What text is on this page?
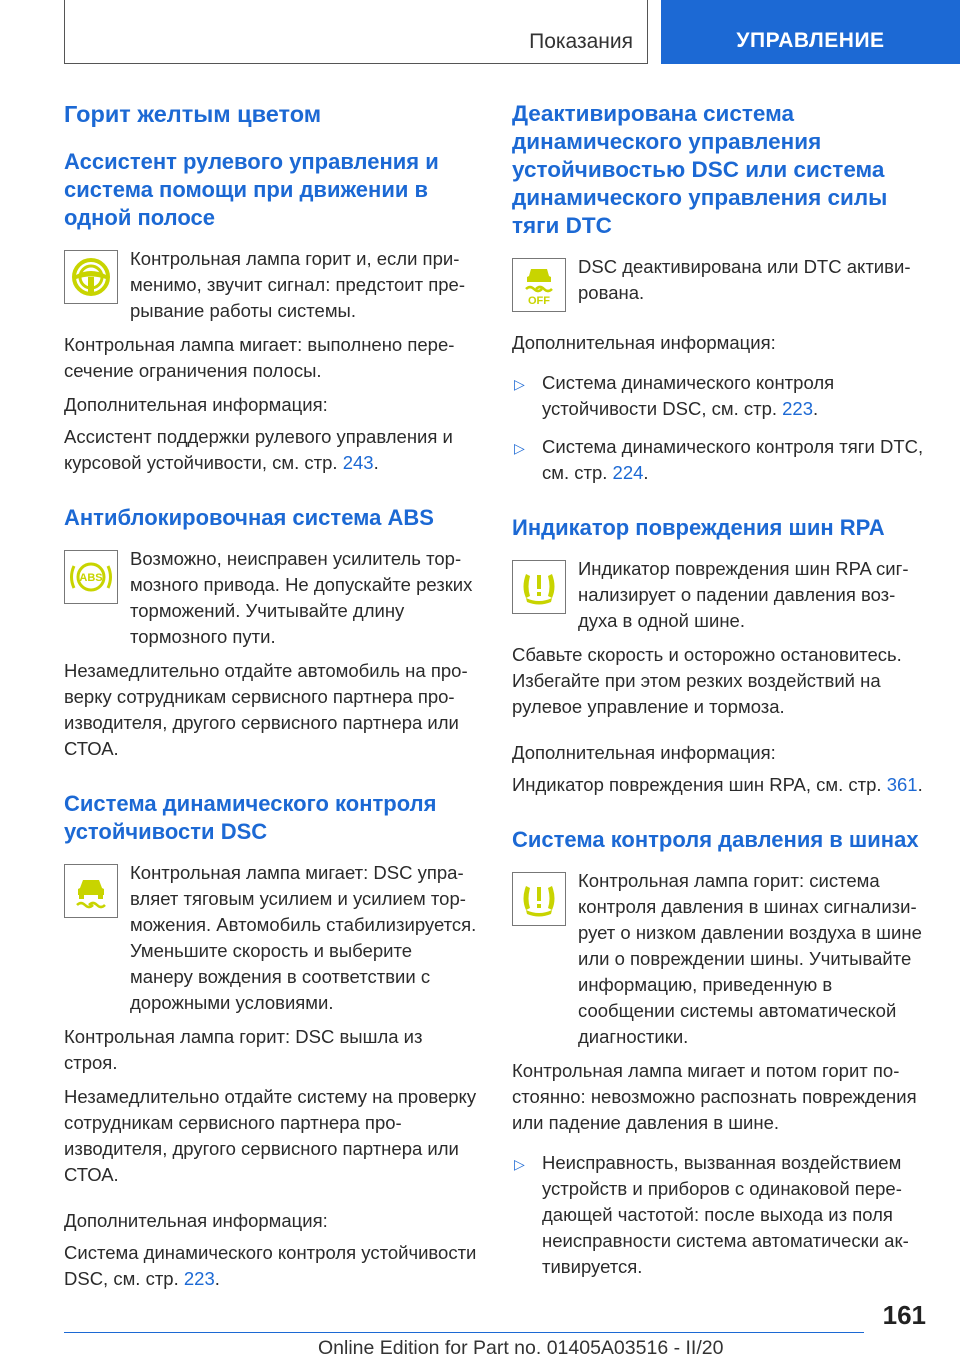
Показания	УПРАВЛЕНИЕ
Горит желтым цветом
Ассистент рулевого управления и система помощи при движении в одной полосе

Контрольная лампа горит и, если применимо, звучит сигнал: предстоит прерывание работы системы.

Контрольная лампа мигает: выполнено пересечение ограничения полосы.

Дополнительная информация:

Ассистент поддержки рулевого управления и курсовой устойчивости, см. стр. 243.

Антиблокировочная система ABS
ABS

Возможно, неисправен усилитель тормозного привода. Не допускайте резких торможений. Учитывайте длину тормозного пути.

Незамедлительно отдайте автомобиль на проверку сотрудникам сервисного партнера производителя, другого сервисного партнера или СТОА.

Система динамического контроля устойчивости DSC

Контрольная лампа мигает: DSC управляет тяговым усилием и усилием торможения. Автомобиль стабилизируется. Уменьшите скорость и выберите манеру вождения в соответствии с дорожными условиями.

Контрольная лампа горит: DSC вышла из строя.

Незамедлительно отдайте систему на проверку сотрудникам сервисного партнера производителя, другого сервисного партнера или СТОА.

Дополнительная информация:

Система динамического контроля устойчивости DSC, см. стр. 223.

Деактивирована система динамического управления устойчивостью DSC или система динамического управления силы тяги DTC
OFF

DSC деактивирована или DTC активирована.

Дополнительная информация:

▷ Система динамического контроля устойчивости DSC, см. стр. 223.
▷ Система динамического контроля тяги DTC, см. стр. 224.
Индикатор повреждения шин RPA

Индикатор повреждения шин RPA сигнализирует о падении давления воздуха в одной шине.

Сбавьте скорость и осторожно остановитесь. Избегайте при этом резких воздействий на рулевое управление и тормоза.

Дополнительная информация:

Индикатор повреждения шин RPA, см. стр. 361.

Система контроля давления в шинах

Контрольная лампа горит: система контроля давления в шинах сигнализирует о низком давлении воздуха в шине или о повреждении шины. Учитывайте информацию, приведенную в сообщении системы автоматической диагностики.

Контрольная лампа мигает и потом горит постоянно: невозможно распознать повреждения или падение давления в шине.

▷ Неисправность, вызванная воздействием устройств и приборов с одинаковой передающей частотой: после выхода из поля неисправности система автоматически активируется.
161
Online Edition for Part no. 01405A03516 - II/20
